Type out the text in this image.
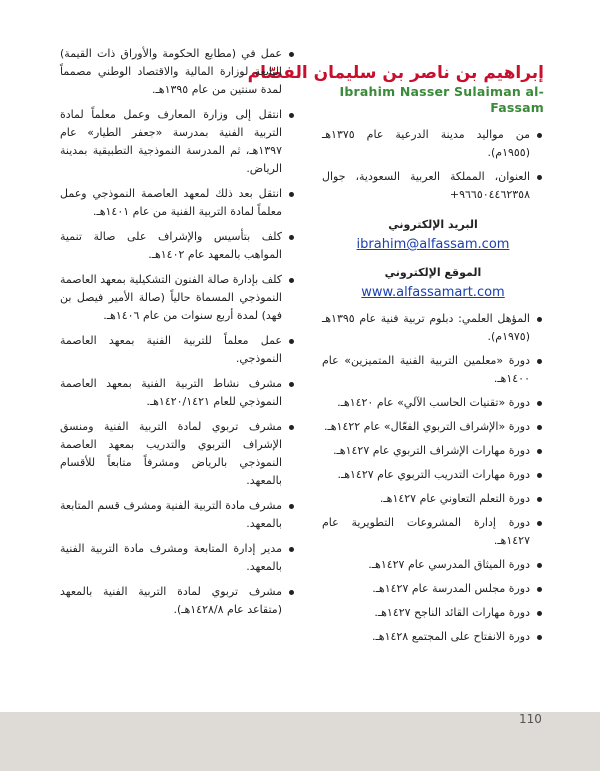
إبراهيم بن ناصر بن سليمان الفصّام
Ibrahim Nasser Sulaiman al-Fassam
من مواليد مدينة الدرعية عام ١٣٧٥هـ (١٩٥٥م).
العنوان، المملكة العربية السعودية، جوال ٩٦٦٥٠٤٤٦٢٣٥٨+
البريد الإلكتروني
ibrahim@alfassam.com
الموقع الإلكتروني
www.alfassamart.com
المؤهل العلمي: دبلوم تربية فنية عام ١٣٩٥هـ (١٩٧٥م).
دورة «معلمين التربية الفنية المتميزين» عام ١٤٠٠هـ.
دورة «تقنيات الحاسب الآلي» عام ١٤٢٠هـ.
دورة «الإشراف التربوي الفعّال» عام ١٤٢٢هـ.
دورة مهارات الإشراف التربوي عام ١٤٢٧هـ.
دورة مهارات التدريب التربوي عام ١٤٢٧هـ.
دورة التعلم التعاوني عام ١٤٢٧هـ.
دورة إدارة المشروعات التطويرية عام ١٤٢٧هـ.
دورة الميثاق المدرسي عام ١٤٢٧هـ.
دورة مجلس المدرسة عام ١٤٢٧هـ.
دورة مهارات القائد الناجح ١٤٢٧هـ.
دورة الانفتاح على المجتمع ١٤٢٨هـ.
عمل في (مطابع الحكومة والأوراق ذات القيمة) التابعة لوزارة المالية والاقتصاد الوطني مصمماً لمدة سنتين من عام ١٣٩٥هـ.
انتقل إلى وزارة المعارف وعمل معلماً لمادة التربية الفنية بمدرسة «جعفر الطيار» عام ١٣٩٧هـ، ثم المدرسة النموذجية التطبيقية بمدينة الرياض.
انتقل بعد ذلك لمعهد العاصمة النموذجي وعمل معلماً لمادة التربية الفنية من عام ١٤٠١هـ.
كلف بتأسيس والإشراف على صالة تنمية المواهب بالمعهد عام ١٤٠٢هـ.
كلف بإدارة صالة الفنون التشكيلية بمعهد العاصمة النموذجي المسماة حالياً (صالة الأمير فيصل بن فهد) لمدة أربع سنوات من عام ١٤٠٦هـ.
عمل معلماً للتربية الفنية بمعهد العاصمة النموذجي.
مشرف نشاط التربية الفنية بمعهد العاصمة النموذجي للعام ١٤٢٠/١٤٢١هـ.
مشرف تربوي لمادة التربية الفنية ومنسق الإشراف التربوي والتدريب بمعهد العاصمة النموذجي بالرياض ومشرفاً متابعاً للأقسام بالمعهد.
مشرف مادة التربية الفنية ومشرف قسم المتابعة بالمعهد.
مدير إدارة المتابعة ومشرف مادة التربية الفنية بالمعهد.
مشرف تربوي لمادة التربية الفنية بالمعهد (متقاعد عام ١٤٢٨/٨هـ).
110
